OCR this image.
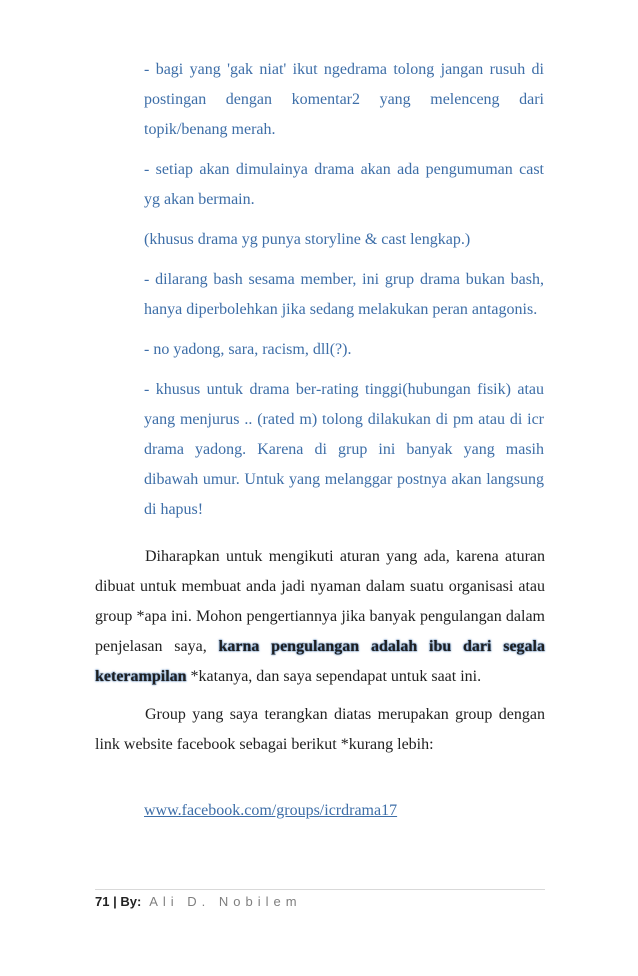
- bagi yang 'gak niat' ikut ngedrama tolong jangan rusuh di postingan dengan komentar2 yang melenceng dari topik/benang merah.

- setiap akan dimulainya drama akan ada pengumuman cast yg akan bermain.

(khusus drama yg punya storyline & cast lengkap.)

- dilarang bash sesama member, ini grup drama bukan bash, hanya diperbolehkan jika sedang melakukan peran antagonis.

- no yadong, sara, racism, dll(?).

- khusus untuk drama ber-rating tinggi(hubungan fisik) atau yang menjurus .. (rated m) tolong dilakukan di pm atau di icr drama yadong. Karena di grup ini banyak yang masih dibawah umur. Untuk yang melanggar postnya akan langsung di hapus!

Diharapkan untuk mengikuti aturan yang ada, karena aturan dibuat untuk membuat anda jadi nyaman dalam suatu organisasi atau group *apa ini. Mohon pengertiannya jika banyak pengulangan dalam penjelasan saya, karna pengulangan adalah ibu dari segala keterampilan *katanya, dan saya sependapat untuk saat ini.

Group yang saya terangkan diatas merupakan group dengan link website facebook sebagai berikut *kurang lebih:

www.facebook.com/groups/icrdrama17
71 | By: Ali D. Nobilem
